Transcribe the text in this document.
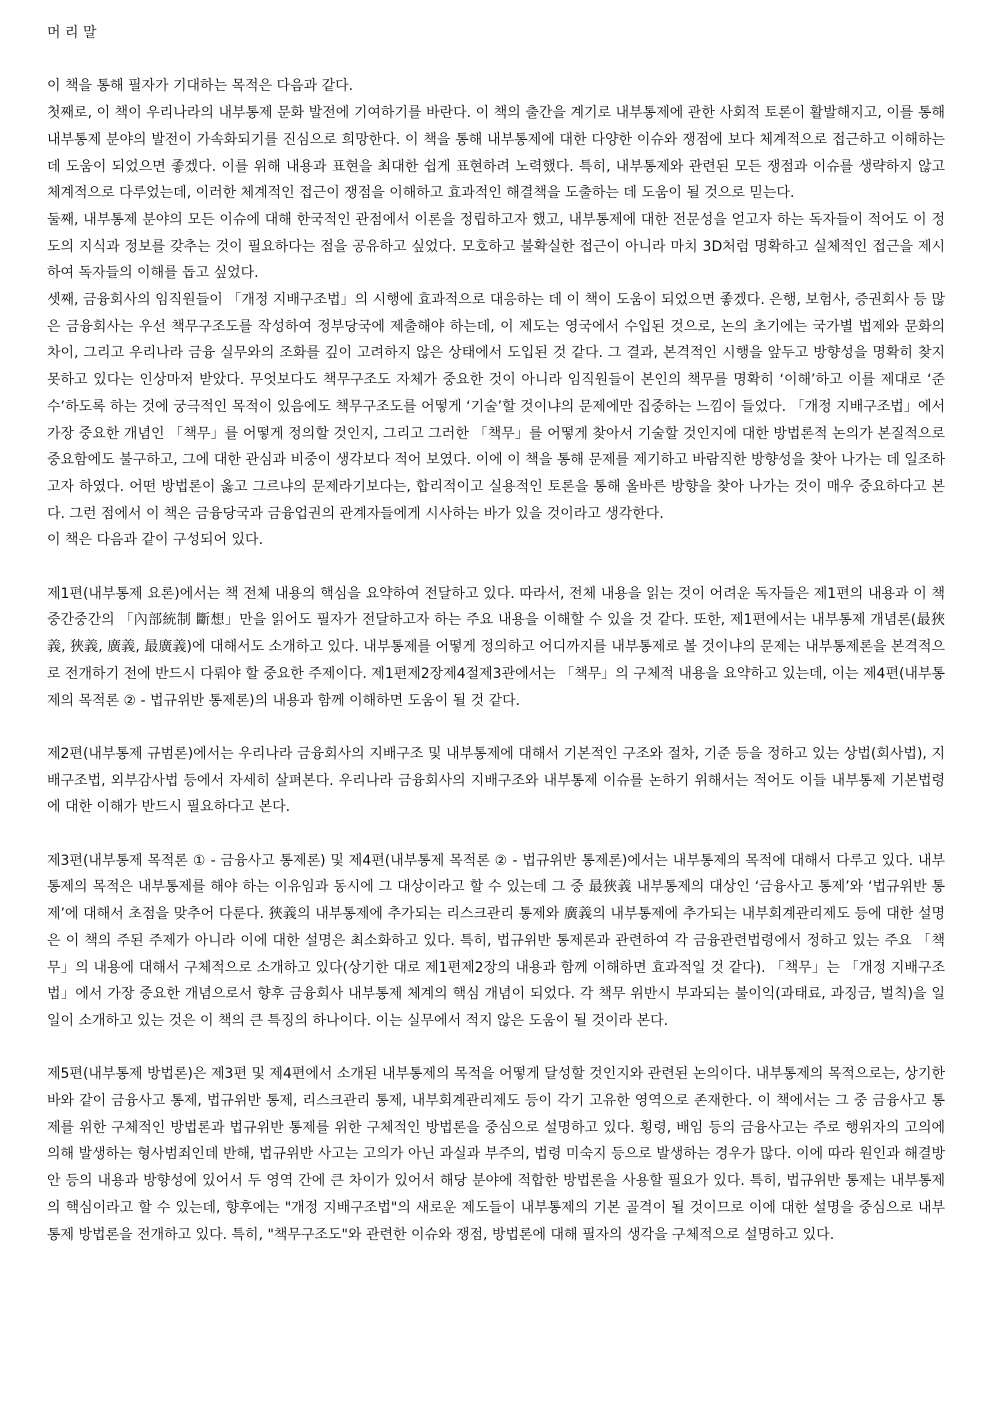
머 리 말

이 책을 통해 필자가 기대하는 목적은 다음과 같다.

첫째로, 이 책이 우리나라의 내부통제 문화 발전에 기여하기를 바란다. 이 책의 출간을 계기로 내부통제에 관한 사회적 토론이 활발해지고, 이를 통해 내부통제 분야의 발전이 가속화되기를 진심으로 희망한다. 이 책을 통해 내부통제에 대한 다양한 이슈와 쟁점에 보다 체계적으로 접근하고 이해하는 데 도움이 되었으면 좋겠다. 이를 위해 내용과 표현을 최대한 쉽게 표현하려 노력했다. 특히, 내부통제와 관련된 모든 쟁점과 이슈를 생략하지 않고 체계적으로 다루었는데, 이러한 체계적인 접근이 쟁점을 이해하고 효과적인 해결책을 도출하는 데 도움이 될 것으로 믿는다.

둘째, 내부통제 분야의 모든 이슈에 대해 한국적인 관점에서 이론을 정립하고자 했고, 내부통제에 대한 전문성을 얻고자 하는 독자들이 적어도 이 정도의 지식과 정보를 갖추는 것이 필요하다는 점을 공유하고 싶었다. 모호하고 불확실한 접근이 아니라 마치 3D처럼 명확하고 실체적인 접근을 제시하여 독자들의 이해를 돕고 싶었다.

셋째, 금융회사의 임직원들이 「개정 지배구조법」의 시행에 효과적으로 대응하는 데 이 책이 도움이 되었으면 좋겠다. 은행, 보험사, 증권회사 등 많은 금융회사는 우선 책무구조도를 작성하여 정부당국에 제출해야 하는데, 이 제도는 영국에서 수입된 것으로, 논의 초기에는 국가별 법제와 문화의 차이, 그리고 우리나라 금융 실무와의 조화를 깊이 고려하지 않은 상태에서 도입된 것 같다. 그 결과, 본격적인 시행을 앞두고 방향성을 명확히 찾지 못하고 있다는 인상마저 받았다. 무엇보다도 책무구조도 자체가 중요한 것이 아니라 임직원들이 본인의 책무를 명확히 ‘이해’하고 이를 제대로 ‘준수’하도록 하는 것에 궁극적인 목적이 있음에도 책무구조도를 어떻게 ‘기술’할 것이냐의 문제에만 집중하는 느낌이 들었다. 「개정 지배구조법」에서 가장 중요한 개념인 「책무」를 어떻게 정의할 것인지, 그리고 그러한 「책무」를 어떻게 찾아서 기술할 것인지에 대한 방법론적 논의가 본질적으로 중요함에도 불구하고, 그에 대한 관심과 비중이 생각보다 적어 보였다. 이에 이 책을 통해 문제를 제기하고 바람직한 방향성을 찾아 나가는 데 일조하고자 하였다. 어떤 방법론이 옳고 그르냐의 문제라기보다는, 합리적이고 실용적인 토론을 통해 올바른 방향을 찾아 나가는 것이 매우 중요하다고 본다. 그런 점에서 이 책은 금융당국과 금융업권의 관계자들에게 시사하는 바가 있을 것이라고 생각한다.

이 책은 다음과 같이 구성되어 있다.

제1편(내부통제 요론)에서는 책 전체 내용의 핵심을 요약하여 전달하고 있다. 따라서, 전체 내용을 읽는 것이 어려운 독자들은 제1편의 내용과 이 책 중간중간의 「內部統制 斷想」만을 읽어도 필자가 전달하고자 하는 주요 내용을 이해할 수 있을 것 같다. 또한, 제1편에서는 내부통제 개념론(最狹義, 狹義, 廣義, 最廣義)에 대해서도 소개하고 있다. 내부통제를 어떻게 정의하고 어디까지를 내부통제로 볼 것이냐의 문제는 내부통제론을 본격적으로 전개하기 전에 반드시 다뤄야 할 중요한 주제이다. 제1편제2장제4절제3관에서는 「책무」의 구체적 내용을 요약하고 있는데, 이는 제4편(내부통제의 목적론 ② - 법규위반 통제론)의 내용과 함께 이해하면 도움이 될 것 같다.

제2편(내부통제 규범론)에서는 우리나라 금융회사의 지배구조 및 내부통제에 대해서 기본적인 구조와 절차, 기준 등을 정하고 있는 상법(회사법), 지배구조법, 외부감사법 등에서 자세히 살펴본다. 우리나라 금융회사의 지배구조와 내부통제 이슈를 논하기 위해서는 적어도 이들 내부통제 기본법령에 대한 이해가 반드시 필요하다고 본다.

제3편(내부통제 목적론 ① - 금융사고 통제론) 및 제4편(내부통제 목적론 ② - 법규위반 통제론)에서는 내부통제의 목적에 대해서 다루고 있다. 내부통제의 목적은 내부통제를 해야 하는 이유임과 동시에 그 대상이라고 할 수 있는데 그 중 最狹義 내부통제의 대상인 ‘금융사고 통제’와 ‘법규위반 통제’에 대해서 초점을 맞추어 다룬다. 狹義의 내부통제에 추가되는 리스크관리 통제와 廣義의 내부통제에 추가되는 내부회계관리제도 등에 대한 설명은 이 책의 주된 주제가 아니라 이에 대한 설명은 최소화하고 있다. 특히, 법규위반 통제론과 관련하여 각 금융관련법령에서 정하고 있는 주요 「책무」의 내용에 대해서 구체적으로 소개하고 있다(상기한 대로 제1편제2장의 내용과 함께 이해하면 효과적일 것 같다). 「책무」는 「개정 지배구조법」에서 가장 중요한 개념으로서 향후 금융회사 내부통제 체계의 핵심 개념이 되었다. 각 책무 위반시 부과되는 불이익(과태료, 과징금, 벌칙)을 일일이 소개하고 있는 것은 이 책의 큰 특징의 하나이다. 이는 실무에서 적지 않은 도움이 될 것이라 본다.

제5편(내부통제 방법론)은 제3편 및 제4편에서 소개된 내부통제의 목적을 어떻게 달성할 것인지와 관련된 논의이다. 내부통제의 목적으로는, 상기한 바와 같이 금융사고 통제, 법규위반 통제, 리스크관리 통제, 내부회계관리제도 등이 각기 고유한 영역으로 존재한다. 이 책에서는 그 중 금융사고 통제를 위한 구체적인 방법론과 법규위반 통제를 위한 구체적인 방법론을 중심으로 설명하고 있다. 횡령, 배임 등의 금융사고는 주로 행위자의 고의에 의해 발생하는 형사범죄인데 반해, 법규위반 사고는 고의가 아닌 과실과 부주의, 법령 미숙지 등으로 발생하는 경우가 많다. 이에 따라 원인과 해결방안 등의 내용과 방향성에 있어서 두 영역 간에 큰 차이가 있어서 해당 분야에 적합한 방법론을 사용할 필요가 있다. 특히, 법규위반 통제는 내부통제의 핵심이라고 할 수 있는데, 향후에는 "개정 지배구조법"의 새로운 제도들이 내부통제의 기본 골격이 될 것이므로 이에 대한 설명을 중심으로 내부통제 방법론을 전개하고 있다. 특히, "책무구조도"와 관련한 이슈와 쟁점, 방법론에 대해 필자의 생각을 구체적으로 설명하고 있다.
